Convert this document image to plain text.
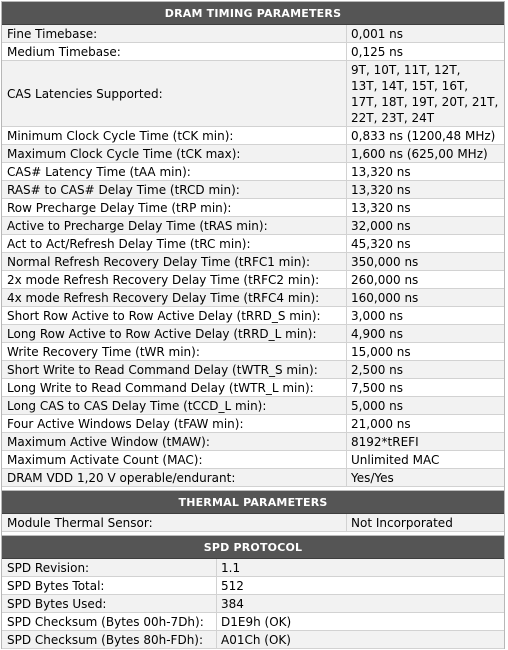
DRAM TIMING PARAMETERS
Fine Timebase:	0,001 ns
Medium Timebase:	0,125 ns
CAS Latencies Supported:
9T, 10T, 11T, 12T,
13T, 14T, 15T, 16T,
17T, 18T, 19T, 20T, 21T,
22T, 23T, 24T
Minimum Clock Cycle Time (tCK min):	0,833 ns (1200,48 MHz)
Maximum Clock Cycle Time (tCK max):	1,600 ns (625,00 MHz)
CAS# Latency Time (tAA min):	13,320 ns
RAS# to CAS# Delay Time (tRCD min):	13,320 ns
Row Precharge Delay Time (tRP min):	13,320 ns
Active to Precharge Delay Time (tRAS min):	32,000 ns
Act to Act/Refresh Delay Time (tRC min):	45,320 ns
Normal Refresh Recovery Delay Time (tRFC1 min):	350,000 ns
2x mode Refresh Recovery Delay Time (tRFC2 min):	260,000 ns
4x mode Refresh Recovery Delay Time (tRFC4 min):	160,000 ns
Short Row Active to Row Active Delay (tRRD_S min):	3,000 ns
Long Row Active to Row Active Delay (tRRD_L min):	4,900 ns
Write Recovery Time (tWR min):	15,000 ns
Short Write to Read Command Delay (tWTR_S min):	2,500 ns
Long Write to Read Command Delay (tWTR_L min):	7,500 ns
Long CAS to CAS Delay Time (tCCD_L min):	5,000 ns
Four Active Windows Delay (tFAW min):	21,000 ns
Maximum Active Window (tMAW):	8192*tREFI
Maximum Activate Count (MAC):	Unlimited MAC
DRAM VDD 1,20 V operable/endurant:	Yes/Yes
THERMAL PARAMETERS
Module Thermal Sensor:	Not Incorporated
SPD PROTOCOL
SPD Revision:	1.1
SPD Bytes Total:	512
SPD Bytes Used:	384
SPD Checksum (Bytes 00h-7Dh):	D1E9h (OK)
SPD Checksum (Bytes 80h-FDh):	A01Ch (OK)
